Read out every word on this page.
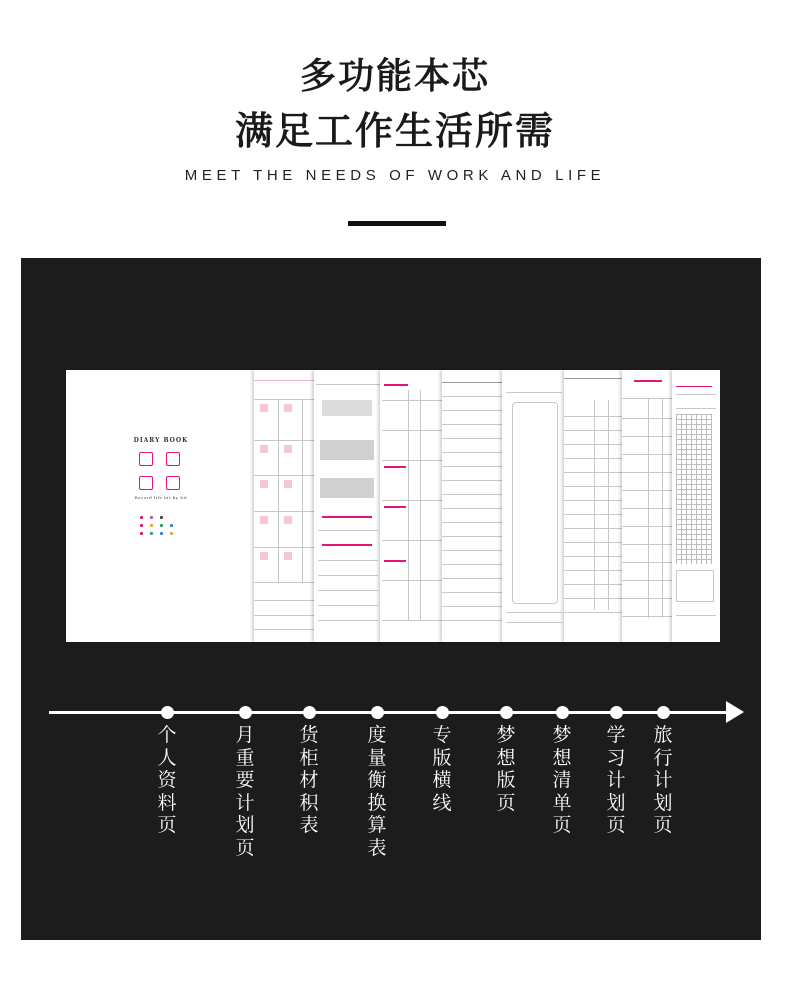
多功能本芯
满足工作生活所需
MEET THE NEEDS OF WORK AND LIFE
DIARY BOOK
Record life bit by bit
个人资料页
月重要计划页
货柜材积表
度量衡换算表
专版横线
梦想版页
梦想清单页
学习计划页
旅行计划页
